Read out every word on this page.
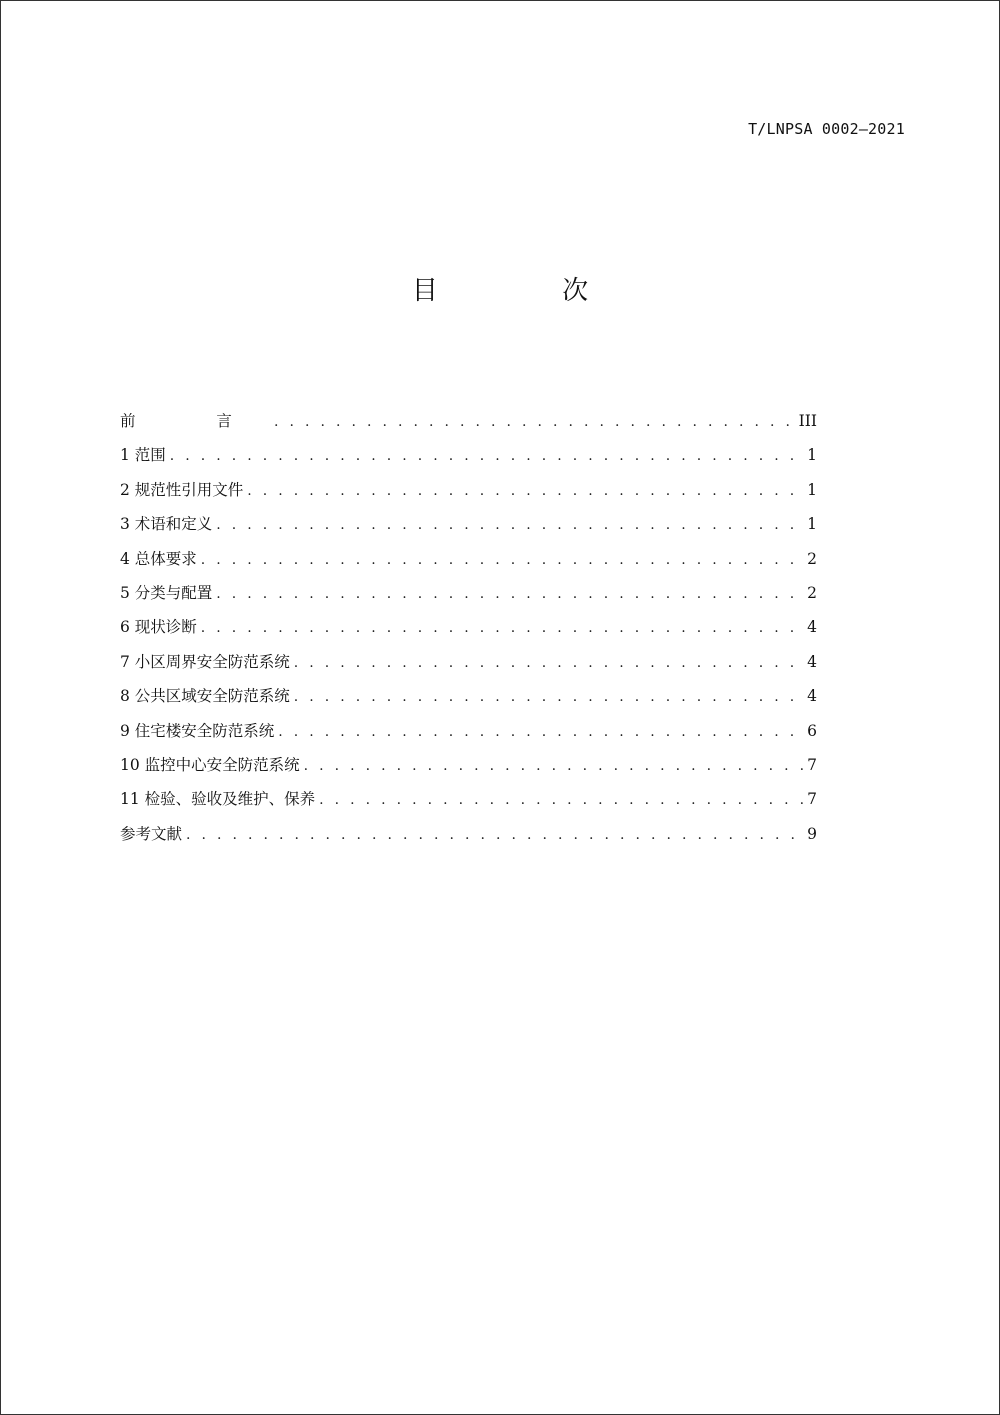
T/LNPSA 0002—2021
目 次
前 言 . . .	III
1 范围 . . .	1
2 规范性引用文件 . . .	1
3 术语和定义 . . .	1
4 总体要求 . . .	2
5 分类与配置 . . .	2
6 现状诊断 . . .	4
7 小区周界安全防范系统 . . .	4
8 公共区域安全防范系统 . . .	4
9 住宅楼安全防范系统 . . .	6
10 监控中心安全防范系统 . . .	7
11 检验、验收及维护、保养 . . .	7
参考文献 . . .	9
